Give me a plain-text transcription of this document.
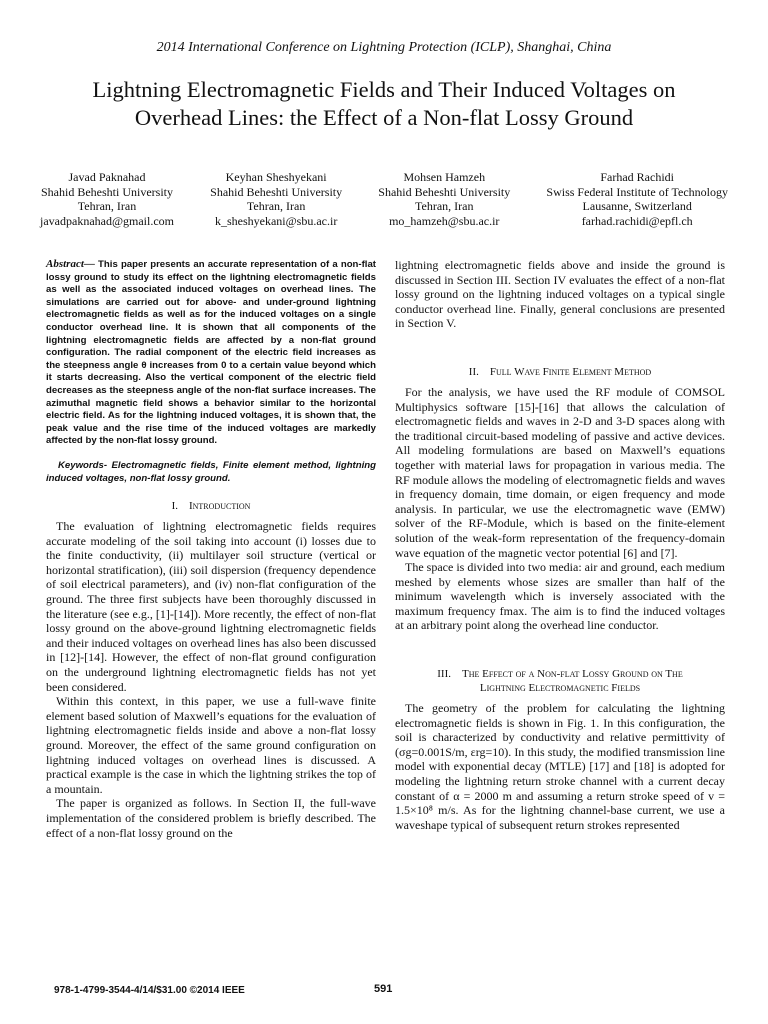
2014 International Conference on Lightning Protection (ICLP), Shanghai, China
Lightning Electromagnetic Fields and Their Induced Voltages on
Overhead Lines: the Effect of a Non-flat Lossy Ground
Javad Paknahad
Shahid Beheshti University
Tehran, Iran
javadpaknahad@gmail.com
Keyhan Sheshyekani
Shahid Beheshti University
Tehran, Iran
k_sheshyekani@sbu.ac.ir
Mohsen Hamzeh
Shahid Beheshti University
Tehran, Iran
mo_hamzeh@sbu.ac.ir
Farhad Rachidi
Swiss Federal Institute of Technology
Lausanne, Switzerland
farhad.rachidi@epfl.ch
Abstract— This paper presents an accurate representation of a non-flat lossy ground to study its effect on the lightning electromagnetic fields as well as the associated induced voltages on overhead lines. The simulations are carried out for above- and under-ground lightning electromagnetic fields as well as for the induced voltages on a single conductor overhead line. It is shown that all components of the lightning electromagnetic fields are affected by a non-flat ground configuration. The radial component of the electric field increases as the steepness angle θ increases from 0 to a certain value beyond which it starts decreasing. Also the vertical component of the electric field decreases as the steepness angle of the non-flat surface increases. The azimuthal magnetic field shows a behavior similar to the horizontal electric field. As for the lightning induced voltages, it is shown that, the peak value and the rise time of the induced voltages are markedly affected by the non-flat lossy ground.
Keywords- Electromagnetic fields, Finite element method, lightning induced voltages, non-flat lossy ground.
I. Introduction

The evaluation of lightning electromagnetic fields requires accurate modeling of the soil taking into account (i) losses due to the finite conductivity, (ii) multilayer soil structure (vertical or horizontal stratification), (iii) soil dispersion (frequency dependence of soil electrical parameters), and (iv) non-flat configuration of the ground. The three first subjects have been thoroughly discussed in the literature (see e.g., [1]-[14]). More recently, the effect of non-flat lossy ground on the above-ground lightning electromagnetic fields and their induced voltages on overhead lines has also been discussed in [12]-[14]. However, the effect of non-flat ground configuration on the underground lightning electromagnetic fields has not yet been considered.

Within this context, in this paper, we use a full-wave finite element based solution of Maxwell’s equations for the evaluation of lightning electromagnetic fields inside and above a non-flat lossy ground. Moreover, the effect of the same ground configuration on lightning induced voltages on overhead lines is discussed. A practical example is the case in which the lightning strikes the top of a mountain.

The paper is organized as follows. In Section II, the full-wave implementation of the considered problem is briefly described. The effect of a non-flat lossy ground on the

lightning electromagnetic fields above and inside the ground is discussed in Section III. Section IV evaluates the effect of a non-flat lossy ground on the lightning induced voltages on a typical single conductor overhead line. Finally, general conclusions are presented in Section V.

II. Full Wave Finite Element Method

For the analysis, we have used the RF module of COMSOL Multiphysics software [15]-[16] that allows the calculation of electromagnetic fields and waves in 2-D and 3-D spaces along with the traditional circuit-based modeling of passive and active devices. All modeling formulations are based on Maxwell’s equations together with material laws for propagation in various media. The RF module allows the modeling of electromagnetic fields and waves in frequency domain, time domain, or eigen frequency and mode analysis. In particular, we use the electromagnetic wave (EMW) solver of the RF-Module, which is based on the finite-element solution of the weak-form representation of the frequency-domain wave equation of the magnetic vector potential [6] and [7].

The space is divided into two media: air and ground, each medium meshed by elements whose sizes are smaller than half of the minimum wavelength which is inversely associated with the maximum frequency fmax. The aim is to find the induced voltages at an arbitrary point along the overhead line conductor.

III. The Effect of a Non-flat Lossy Ground on The
Lightning Electromagnetic Fields

The geometry of the problem for calculating the lightning electromagnetic fields is shown in Fig. 1. In this configuration, the soil is characterized by conductivity and relative permittivity of (σg=0.001S/m, εrg=10). In this study, the modified transmission line model with exponential decay (MTLE) [17] and [18] is adopted for modeling the lightning return stroke channel with a current decay constant of α = 2000 m and assuming a return stroke speed of v = 1.5×10⁸ m/s. As for the lightning channel-base current, we use a waveshape typical of subsequent return strokes represented

978-1-4799-3544-4/14/$31.00 ©2014 IEEE	591
